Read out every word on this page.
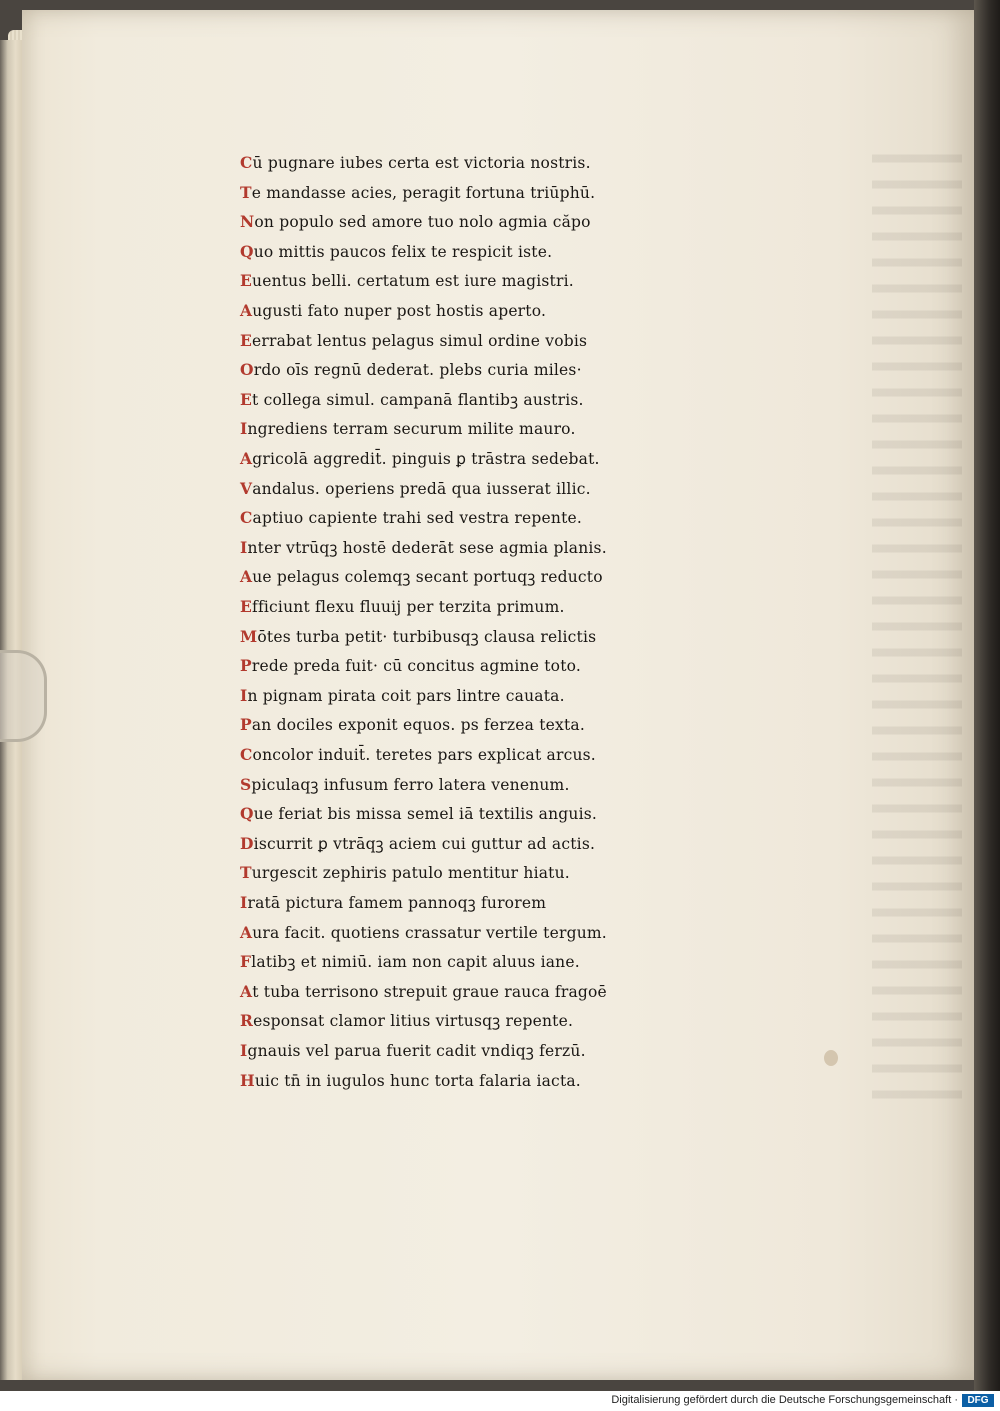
Cū pugnare iubes certa est victoria nostris.
Te mandasse acies, peragit fortuna triūphū.
Non populo sed amore tuo nolo agmia căpo
Quo mittis paucos felix te respicit iste.
Euentus belli. certatum est iure magistri.
Augusti fato nuper post hostis aperto.
Eerrabat lentus pelagus simul ordine vobis
Ordo oīs regnū dederat. plebs curia miles·
Et collega simul. campanā flantibꝫ austris.
Ingrediens terram securum milite mauro.
Agricolā aggredit̄. pinguis ꝑ trāstra sedebat.
Vandalus. operiens predā qua iusserat illic.
Captiuo capiente trahi sed vestra repente.
Inter vtrūqꝫ hostē dederāt sese agmia planis.
Aue pelagus colemqꝫ secant portuqꝫ reducto
Efficiunt flexu fluuij per terzita primum.
Mōtes turba petit· turbibusqꝫ clausa relictis
Prede preda fuit· cū concitus agmine toto.
In pignam pirata coit pars lintre cauata.
Pan dociles exponit equos. ps ferzea texta.
Concolor induit̄. teretes pars explicat arcus.
Spiculaqꝫ infusum ferro latera venenum.
Que feriat bis missa semel iā textilis anguis.
Discurrit ꝑ vtrāqꝫ aciem cui guttur ad actis.
Turgescit zephiris patulo mentitur hiatu.
Iratā pictura famem pannoqꝫ furorem
Aura facit. quotiens crassatur vertile tergum.
Flatibꝫ et nimiū. iam non capit aluus iane.
At tuba terrisono strepuit graue rauca fragoē
Responsat clamor litius virtusqꝫ repente.
Ignauis vel parua fuerit cadit vndiqꝫ ferzū.
Huic tn̄ in iugulos hunc torta falaria iacta.
Digitalisierung gefördert durch die Deutsche Forschungsgemeinschaft · DFG
